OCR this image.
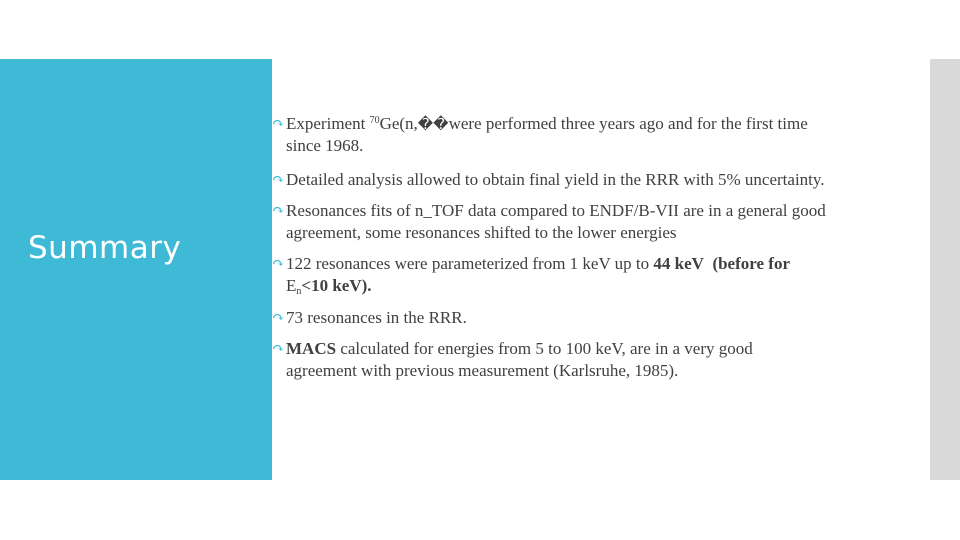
Summary
↷ Experiment $^{70}$Ge(n,��were performed three years ago and for the first time
since 1968.
↷ Detailed analysis allowed to obtain final yield in the RRR with 5% uncertainty.
↷ Resonances fits of n_TOF data compared to ENDF/B-VII are in a general good
agreement, some resonances shifted to the lower energies
↷ 122 resonances were parameterized from 1 keV up to 44 keV (before for
$E_n<10$ keV).
↷ 73 resonances in the RRR.
↷ MACS calculated for energies from 5 to 100 keV, are in a very good
agreement with previous measurement (Karlsruhe, 1985).
